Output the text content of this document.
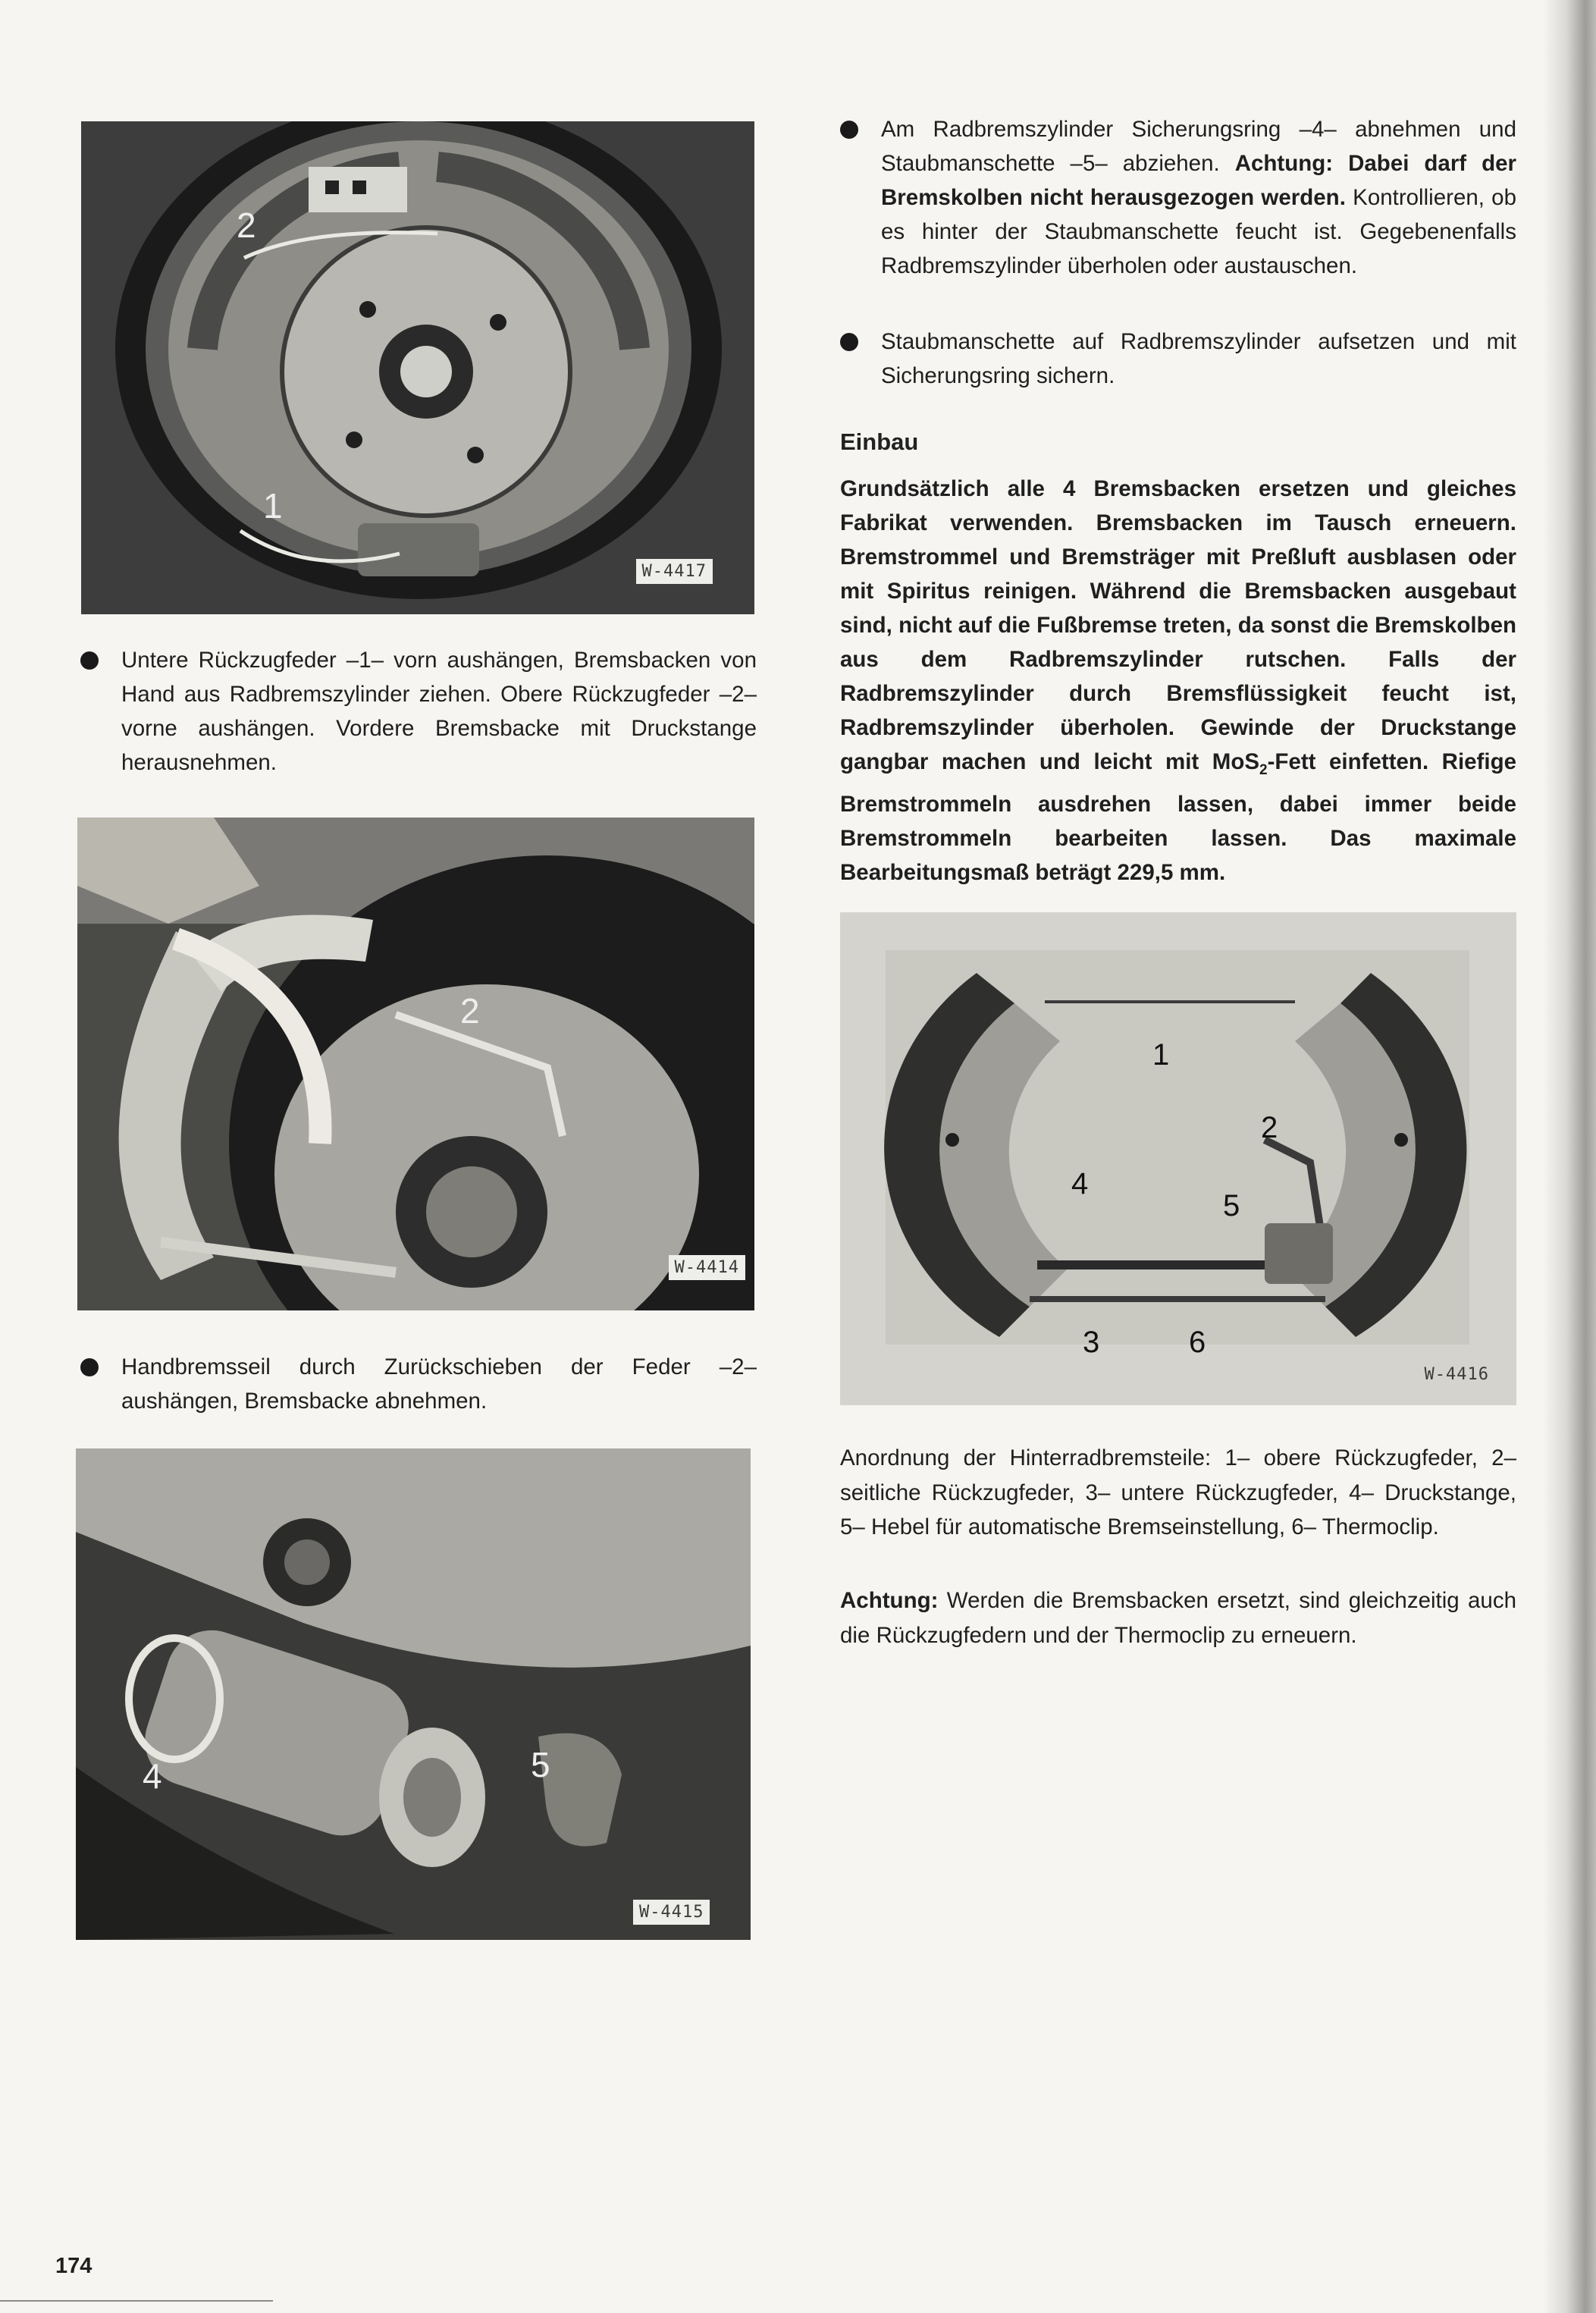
W-4417
2
1
Untere Rückzugfeder –1– vorn aushängen, Bremsbacken von Hand aus Radbremszylinder ziehen. Obere Rückzugfeder –2– vorne aushängen. Vordere Bremsbacke mit Druckstange herausnehmen.
W-4414
2
Handbremsseil durch Zurückschieben der Feder –2– aushängen, Bremsbacke abnehmen.
W-4415
4	5
Am Radbremszylinder Sicherungsring –4– abnehmen und Staubmanschette –5– abziehen. Achtung: Dabei darf der Bremskolben nicht herausgezogen werden. Kontrollieren, ob es hinter der Staubmanschette feucht ist. Gegebenenfalls Radbremszylinder überholen oder austauschen.
Staubmanschette auf Radbremszylinder aufsetzen und mit Sicherungsring sichern.
Einbau
Grundsätzlich alle 4 Bremsbacken ersetzen und gleiches Fabrikat verwenden. Bremsbacken im Tausch erneuern. Bremstrommel und Bremsträger mit Preßluft ausblasen oder mit Spiritus reinigen. Während die Bremsbacken ausgebaut sind, nicht auf die Fußbremse treten, da sonst die Bremskolben aus dem Radbremszylinder rutschen. Falls der Radbremszylinder durch Bremsflüssigkeit feucht ist, Radbremszylinder überholen. Gewinde der Druckstange gangbar machen und leicht mit MoS$_2$-Fett einfetten. Riefige Bremstrommeln ausdrehen lassen, dabei immer beide Bremstrommeln bearbeiten lassen. Das maximale Bearbeitungsmaß beträgt 229,5 mm.
W-4416
1
2
4
5
3	6
Anordnung der Hinterradbremsteile: 1– obere Rückzugfeder, 2– seitliche Rückzugfeder, 3– untere Rückzugfeder, 4– Druckstange, 5– Hebel für automatische Bremseinstellung, 6– Thermoclip.
Achtung: Werden die Bremsbacken ersetzt, sind gleichzeitig auch die Rückzugfedern und der Thermoclip zu erneuern.
174
